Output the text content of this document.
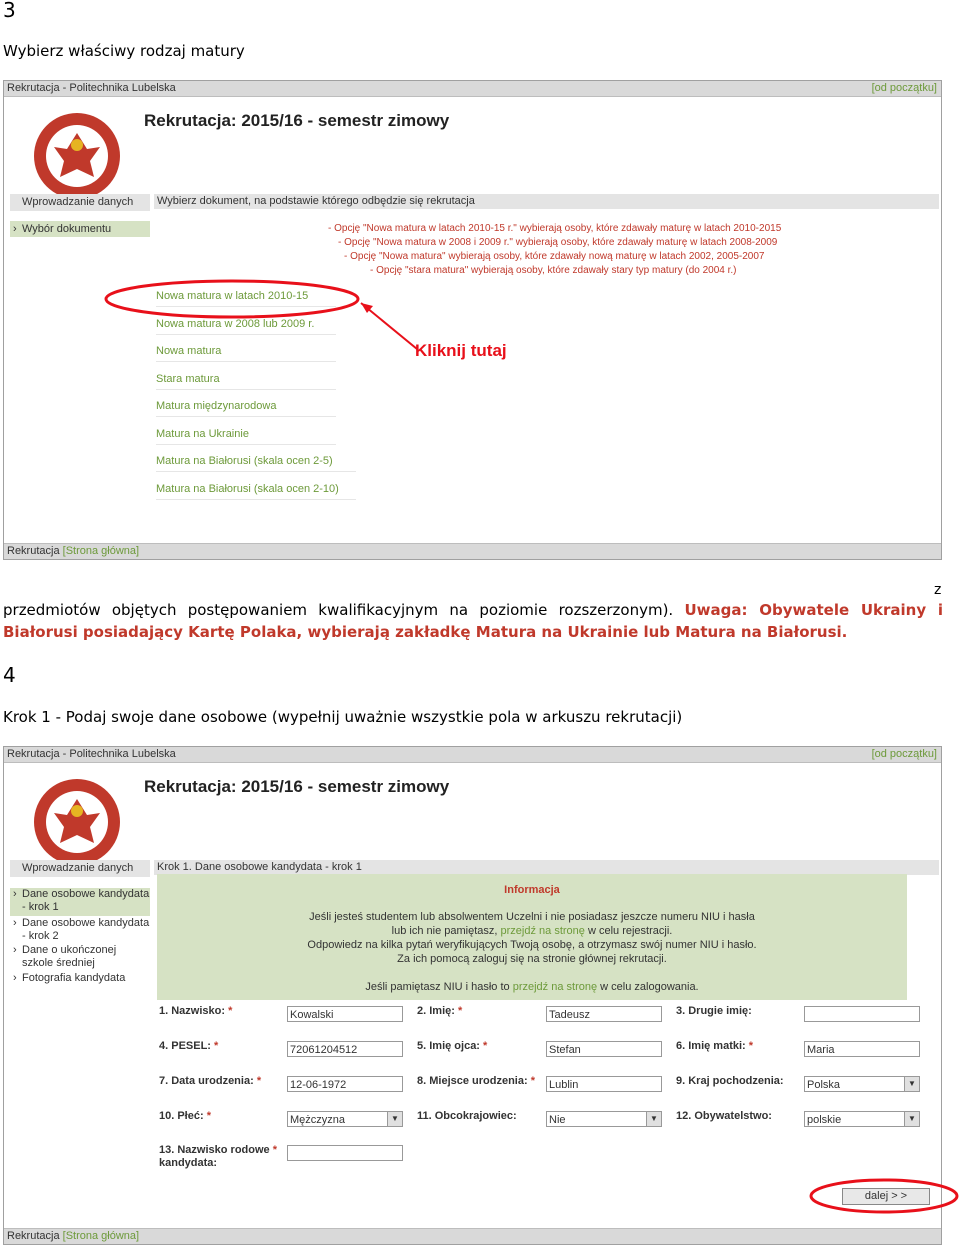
3
Wybierz właściwy rodzaj matury
Rekrutacja - Politechnika Lubelska	[od początku]
Rekrutacja: 2015/16 - semestr zimowy
Wprowadzanie danych
› Wybór dokumentu
Wybierz dokument, na podstawie którego odbędzie się rekrutacja
- Opcję "Nowa matura w latach 2010-15 r." wybierają osoby, które zdawały maturę w latach 2010-2015
- Opcję "Nowa matura w 2008 i 2009 r." wybierają osoby, które zdawały maturę w latach 2008-2009
- Opcję "Nowa matura" wybierają osoby, które zdawały nową maturę w latach 2002, 2005-2007
- Opcję "stara matura" wybierają osoby, które zdawały stary typ matury (do 2004 r.)
Nowa matura w latach 2010-15
Nowa matura w 2008 lub 2009 r.
Nowa matura
Stara matura
Matura międzynarodowa
Matura na Ukrainie
Matura na Białorusi (skala ocen 2-5)
Matura na Białorusi (skala ocen 2-10)
Kliknij tutaj
Rekrutacja [Strona główna]
z
przedmiotów objętych postępowaniem kwalifikacyjnym na poziomie rozszerzonym). Uwaga: Obywatele Ukrainy i Białorusi posiadający Kartę Polaka, wybierają zakładkę Matura na Ukrainie lub Matura na Białorusi.
4
Krok 1 - Podaj swoje dane osobowe (wypełnij uważnie wszystkie pola w arkuszu rekrutacji)
Rekrutacja - Politechnika Lubelska	[od początku]
Rekrutacja: 2015/16 - semestr zimowy
Wprowadzanie danych
› Dane osobowe kandydata - krok 1
› Dane osobowe kandydata - krok 2
› Dane o ukończonej szkole średniej
› Fotografia kandydata
Krok 1. Dane osobowe kandydata - krok 1
Informacja
Jeśli jesteś studentem lub absolwentem Uczelni i nie posiadasz jeszcze numeru NIU i hasła
lub ich nie pamiętasz, przejdź na stronę w celu rejestracji.
Odpowiedz na kilka pytań weryfikujących Twoją osobę, a otrzymasz swój numer NIU i hasło.
Za ich pomocą zaloguj się na stronie głównej rekrutacji.
Jeśli pamiętasz NIU i hasło to przejdź na stronę w celu zalogowania.
1. Nazwisko: *	Kowalski	2. Imię: *	Tadeusz	3. Drugie imię:
4. PESEL: *	72061204512	5. Imię ojca: *	Stefan	6. Imię matki: *	Maria
7. Data urodzenia: *	12-06-1972	8. Miejsce urodzenia: * Lublin	9. Kraj pochodzenia: Polska	▼
10. Płeć: *	Mężczyzna	▼ 11. Obcokrajowiec:	Nie	▼ 12. Obywatelstwo:	polskie	▼
13. Nazwisko rodowe *
kandydata:
dalej > >
Rekrutacja [Strona główna]
